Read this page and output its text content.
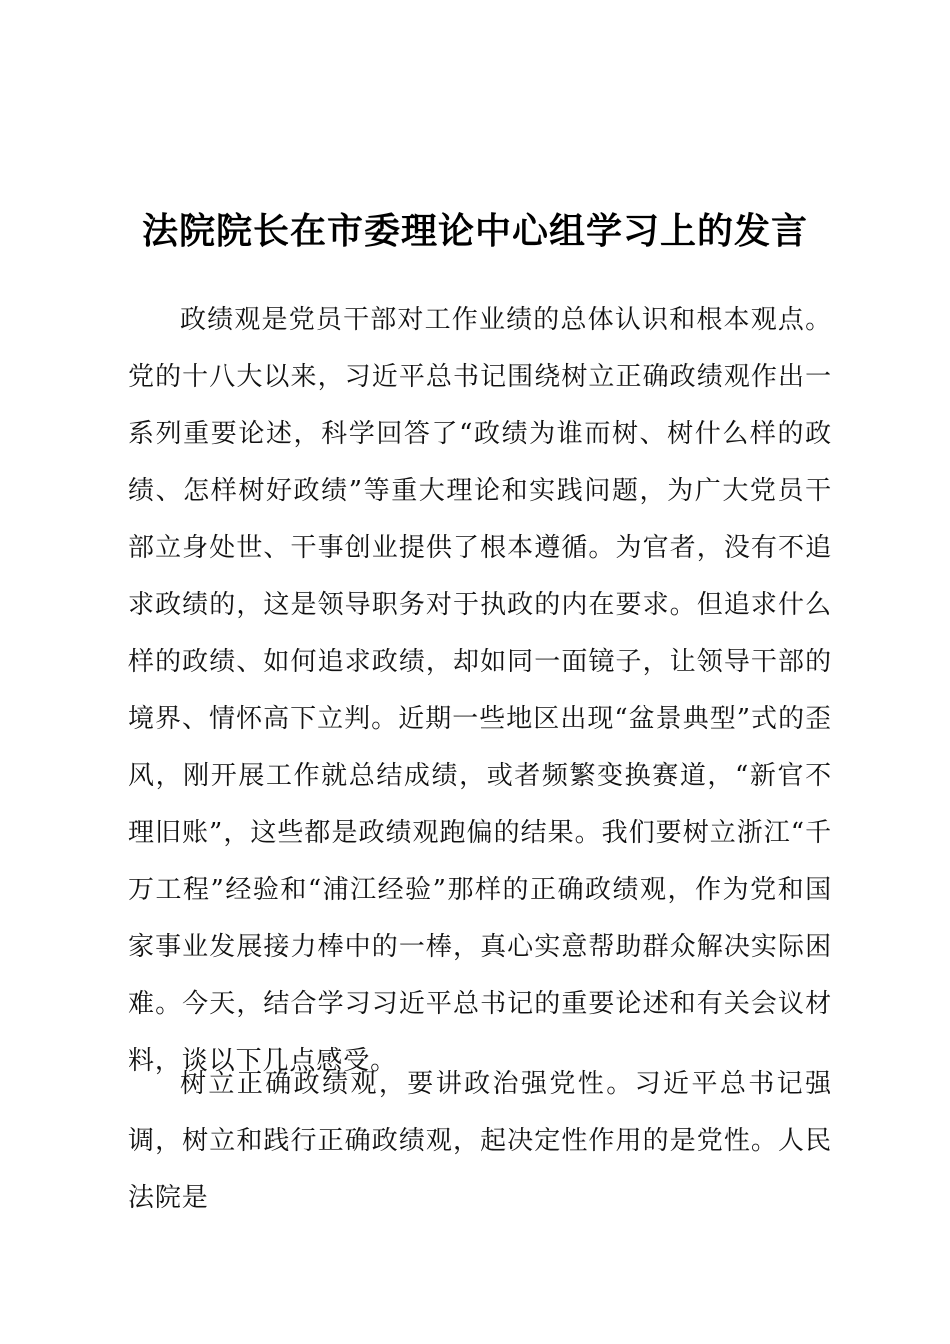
法院院长在市委理论中心组学习上的发言

政绩观是党员干部对工作业绩的总体认识和根本观点。党的十八大以来，习近平总书记围绕树立正确政绩观作出一系列重要论述，科学回答了“政绩为谁而树、树什么样的政绩、怎样树好政绩”等重大理论和实践问题，为广大党员干部立身处世、干事创业提供了根本遵循。为官者，没有不追求政绩的，这是领导职务对于执政的内在要求。但追求什么样的政绩、如何追求政绩，却如同一面镜子，让领导干部的境界、情怀高下立判。近期一些地区出现“盆景典型”式的歪风，刚开展工作就总结成绩，或者频繁变换赛道，“新官不理旧账”，这些都是政绩观跑偏的结果。我们要树立浙江“千万工程”经验和“浦江经验”那样的正确政绩观，作为党和国家事业发展接力棒中的一棒，真心实意帮助群众解决实际困难。今天，结合学习习近平总书记的重要论述和有关会议材料，谈以下几点感受。

树立正确政绩观，要讲政治强党性。习近平总书记强调，树立和践行正确政绩观，起决定性作用的是党性。人民法院是
